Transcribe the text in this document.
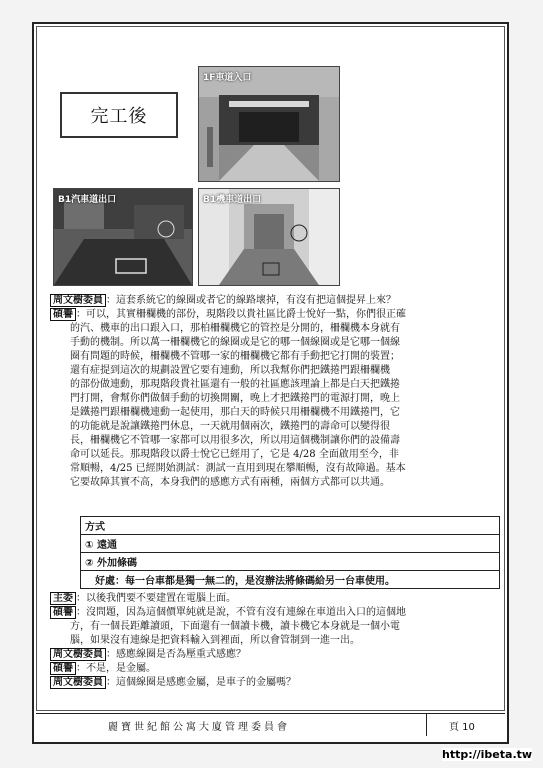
完工後
1F車道入口
B1汽車道出口	B1機車道出口
周文樹委員 ：這套系統它的線圈或者它的線路壞掉，有沒有把這個提昇上來？
碩譽 ：可以，其實柵欄機的部份，現階段以貴社區比爵士悅好一點，你們很正確
的汽、機車的出口跟入口，那柏柵欄機它的管控是分開的，柵欄機本身就有
手動的機制。所以萬一柵欄機它的線圈或是它的哪一個線圈或是它哪一個線
圈有問題的時候，柵欄機不管哪一家的柵欄機它都有手動把它打開的裝置；
還有症提到這次的規劃設置它要有連動，所以我幫你們把鐵捲門跟柵欄機
的部份做連動，那現階段貴社區還有一般的社區應該理論上都是白天把鐵捲
門打開，會幫你們做個手動的切換開關，晚上才把鐵捲門的電源打開，晚上
是鐵捲門跟柵欄機連動一起使用，那白天的時候只用柵欄機不用鐵捲門，它
的功能就是說讓鐵捲門休息，一天就用個兩次，鐵捲門的壽命可以變得很
長，柵欄機它不管哪一家都可以用很多次，所以用這個機制讓你們的設備壽
命可以延長。那現階段以爵士悅它已經用了，它是 4/28 全面啟用至今，非
常順暢，4/25 已經開始測試：測試一直用到現在攀順暢，沒有故障過。基本
它要故障其實不高，本身我們的感應方式有兩種，兩個方式都可以共通。
方式
① 遠通
② 外加條碼
好處：每一台車都是獨一無二的，是沒辦法將條碼給另一台車使用。
主委 ：以後我們要不要建置在電腦上面。
碩譽 ：沒問題，因為這個價單純就是說，不管有沒有連線在車道出入口的這個地
方，有一個長距離讀頭，下面還有一個讀卡機，讀卡機它本身就是一個小電
腦，如果沒有連線是把資料輸入到裡面，所以會管制到一進一出。
周文樹委員 ：感應線圈是否為壓重式感應？
碩譽 ：不是，是金屬。
周文樹委員 ：這個線圈是感應金屬，是車子的金屬嗎？
麗寶世紀館公寓大廈管理委員會	頁 10
http://ibeta.tw
